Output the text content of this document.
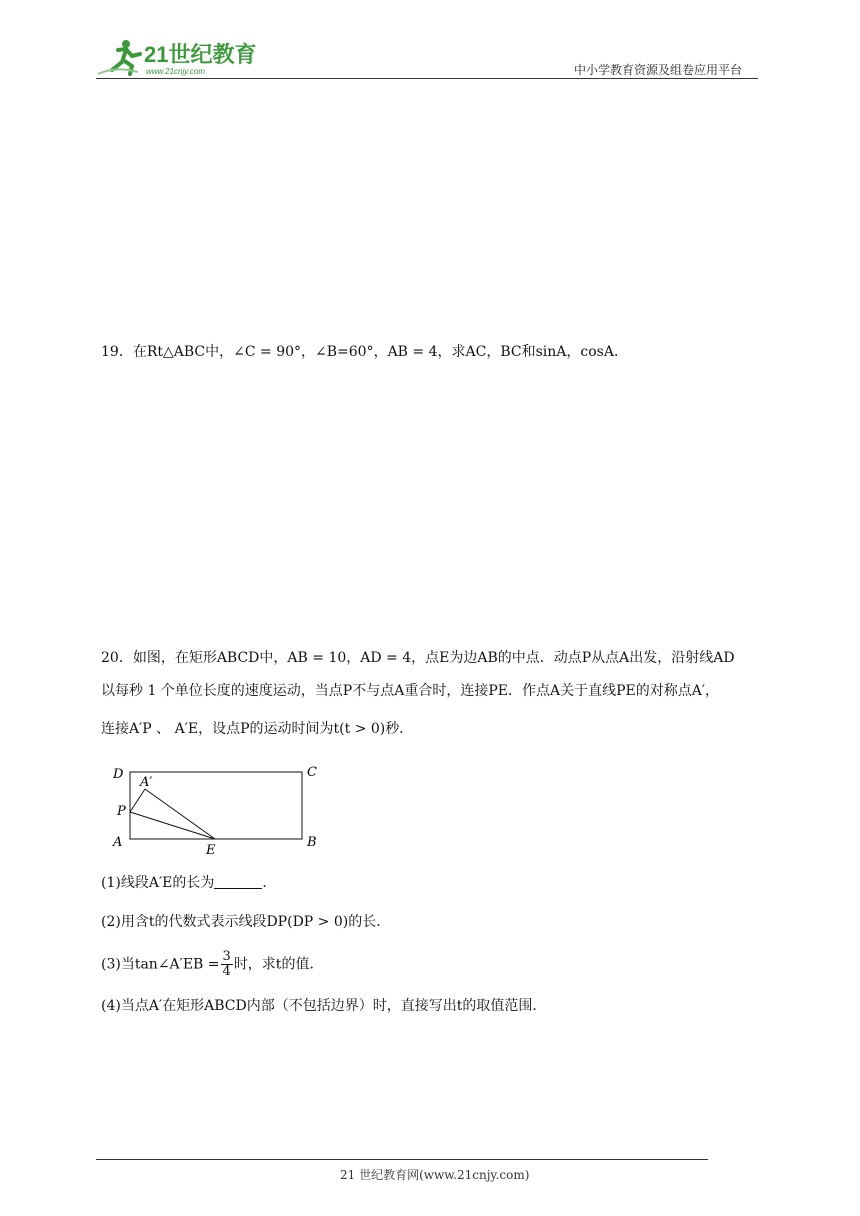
21世纪教育
www.21cnjy.com	中小学教育资源及组卷应用平台
19．在Rt△ABC中，∠C = 90°，∠B=60°，AB = 4，求AC，BC和sinA，cosA．
20．如图，在矩形ABCD中，AB = 10，AD = 4，点E为边AB的中点．动点P从点A出发，沿射线AD
以每秒 1 个单位长度的速度运动，当点P不与点A重合时，连接PE．作点A关于直线PE的对称点A′，
连接A′P 、 A′E，设点P的运动时间为t(t > 0)秒．
D	C
A′
P
A
E
B
(1)线段A′E的长为	．
(2)用含t的代数式表示线段DP(DP > 0)的长．
(3)当tan∠A′EB = $\frac{3}{4}$ 时，求t的值．
(4)当点A′在矩形ABCD内部（不包括边界）时，直接写出t的取值范围．
21 世纪教育网(www.21cnjy.com)
